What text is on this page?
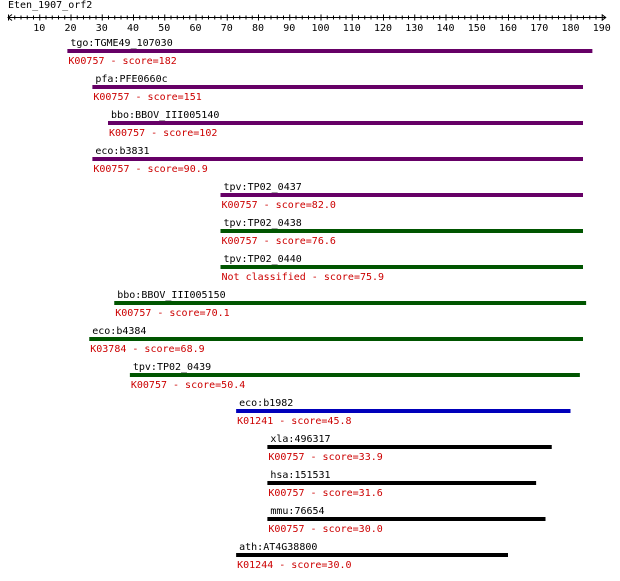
Eten_1907_orf2
10 20 30 40 50 60 70 80 90 100 110 120 130 140 150 160 170 180 190
tgo:TGME49_107030
K00757 - score=182
pfa:PFE0660c
K00757 - score=151
bbo:BBOV_III005140
K00757 - score=102
eco:b3831
K00757 - score=90.9
tpv:TP02_0437
K00757 - score=82.0
tpv:TP02_0438
K00757 - score=76.6
tpv:TP02_0440
Not classified - score=75.9
bbo:BBOV_III005150
K00757 - score=70.1
eco:b4384
K03784 - score=68.9
tpv:TP02_0439
K00757 - score=50.4
eco:b1982
K01241 - score=45.8
xla:496317
K00757 - score=33.9
hsa:151531
K00757 - score=31.6
mmu:76654
K00757 - score=30.0
ath:AT4G38800
K01244 - score=30.0
